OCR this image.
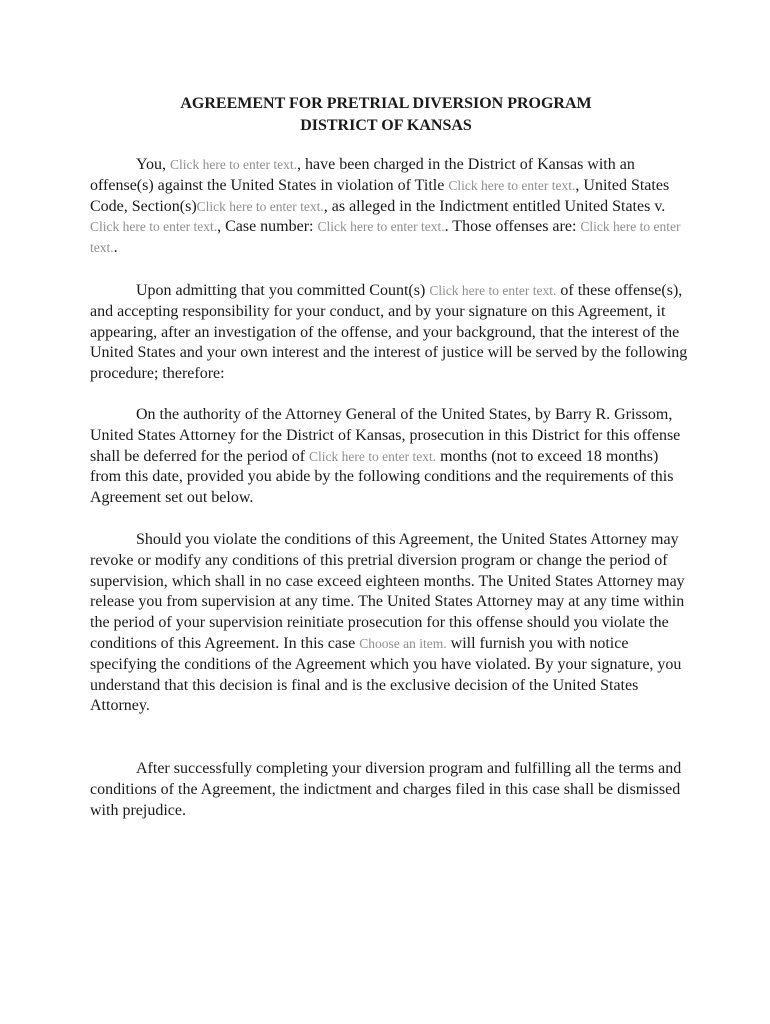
AGREEMENT FOR PRETRIAL DIVERSION PROGRAM
DISTRICT OF KANSAS

You, Click here to enter text., have been charged in the District of Kansas with an offense(s) against the United States in violation of Title Click here to enter text., United States Code, Section(s)Click here to enter text., as alleged in the Indictment entitled United States v. Click here to enter text., Case number: Click here to enter text.. Those offenses are: Click here to enter text..

Upon admitting that you committed Count(s) Click here to enter text. of these offense(s), and accepting responsibility for your conduct, and by your signature on this Agreement, it appearing, after an investigation of the offense, and your background, that the interest of the United States and your own interest and the interest of justice will be served by the following procedure; therefore:

On the authority of the Attorney General of the United States, by Barry R. Grissom, United States Attorney for the District of Kansas, prosecution in this District for this offense shall be deferred for the period of Click here to enter text. months (not to exceed 18 months) from this date, provided you abide by the following conditions and the requirements of this Agreement set out below.

Should you violate the conditions of this Agreement, the United States Attorney may revoke or modify any conditions of this pretrial diversion program or change the period of supervision, which shall in no case exceed eighteen months. The United States Attorney may release you from supervision at any time. The United States Attorney may at any time within the period of your supervision reinitiate prosecution for this offense should you violate the conditions of this Agreement. In this case Choose an item. will furnish you with notice specifying the conditions of the Agreement which you have violated. By your signature, you understand that this decision is final and is the exclusive decision of the United States Attorney.

After successfully completing your diversion program and fulfilling all the terms and conditions of the Agreement, the indictment and charges filed in this case shall be dismissed with prejudice.
